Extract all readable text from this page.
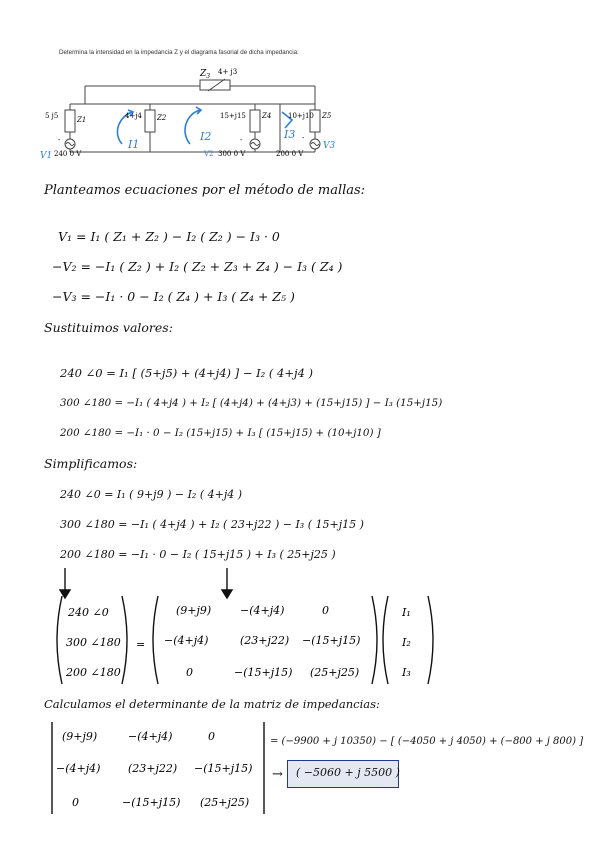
Determina la intensidad en la impedancia Z y el diagrama fasorial de dicha impedancia:
$Z_3$
4+ j3
5 j5	Z1	4+j4 Z2	15+j15 Z4 10+j10 Z5
-	-	-
240 0 V
V1	V2 300 0 V	200 0 V
V3
I1
I2	I3
Planteamos ecuaciones por el método de mallas:
V₁ = I₁ ( Z₁ + Z₂ ) − I₂ ( Z₂ ) − I₃ · 0
−V₂ = −I₁ ( Z₂ ) + I₂ ( Z₂ + Z₃ + Z₄ ) − I₃ ( Z₄ )
−V₃ = −I₁ · 0 − I₂ ( Z₄ ) + I₃ ( Z₄ + Z₅ )
Sustituimos valores:
240 ∠0 = I₁ [ (5+j5) + (4+j4) ] − I₂ ( 4+j4 )
300 ∠180 = −I₁ ( 4+j4 ) + I₂ [ (4+j4) + (4+j3) + (15+j15) ] − I₃ (15+j15)
200 ∠180 = −I₁ · 0 − I₂ (15+j15) + I₃ [ (15+j15) + (10+j10) ]
Simplificamos:
240 ∠0 = I₁ ( 9+j9 ) − I₂ ( 4+j4 )
300 ∠180 = −I₁ ( 4+j4 ) + I₂ ( 23+j22 ) − I₃ ( 15+j15 )
200 ∠180 = −I₁ · 0 − I₂ ( 15+j15 ) + I₃ ( 25+j25 )
240 ∠0
300 ∠180
200 ∠180
=
(9+j9)	−(4+j4)	0
−(4+j4)	(23+j22) −(15+j15)
0	−(15+j15) (25+j25)
I₁
I₂
I₃
Calculamos el determinante de la matriz de impedancias:
(9+j9)	−(4+j4)	0
−(4+j4)	(23+j22) −(15+j15)
0	−(15+j15) (25+j25)
= (−9900 + j 10350) − [ (−4050 + j 4050) + (−800 + j 800) ]
→ ( −5060 + j 5500 )
